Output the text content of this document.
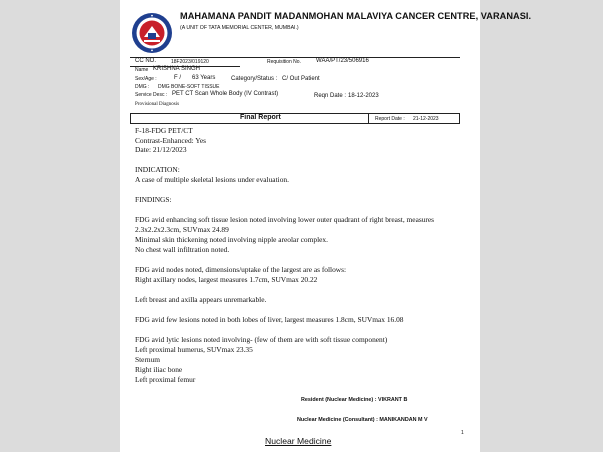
MAHAMANA PANDIT MADANMOHAN MALAVIYA CANCER CENTRE, VARANASI.
(A UNIT OF TATA MEMORIAL CENTER, MUMBAI.)
CC NO.	18F2023/019120	Requisition No.	WAA/PT/23/506916
Name KRISHNA SINGH
Sex/Age :	F / 63 Years	Category/Status : C/ Out Patient
DMG : DMG BONE-SOFT TISSUE
Service Desc : PET CT Scan Whole Body (IV Contrast)	Reqn Date : 18-12-2023
Provisional Diagnosis
Final Report	Report Date : 21-12-2023
F-18-FDG PET/CT
Contrast-Enhanced: Yes
Date: 21/12/2023
INDICATION:
A case of multiple skeletal lesions under evaluation.
FINDINGS:
FDG avid enhancing soft tissue lesion noted involving lower outer quadrant of right breast, measures
2.3x2.2x2.3cm, SUVmax 24.89
Minimal skin thickening noted involving nipple areolar complex.
No chest wall infiltration noted.
FDG avid nodes noted, dimensions/uptake of the largest are as follows:
Right axillary nodes, largest measures 1.7cm, SUVmax 20.22
Left breast and axilla appears unremarkable.
FDG avid few lesions noted in both lobes of liver, largest measures 1.8cm, SUVmax 16.08
FDG avid lytic lesions noted involving- (few of them are with soft tissue component)
Left proximal humerus, SUVmax 23.35
Sternum
Right iliac bone
Left proximal femur
Resident (Nuclear Medicine) : VIKRANT B
Nuclear Medicine (Consultant) : MANIKANDAN M V
1
Nuclear Medicine
